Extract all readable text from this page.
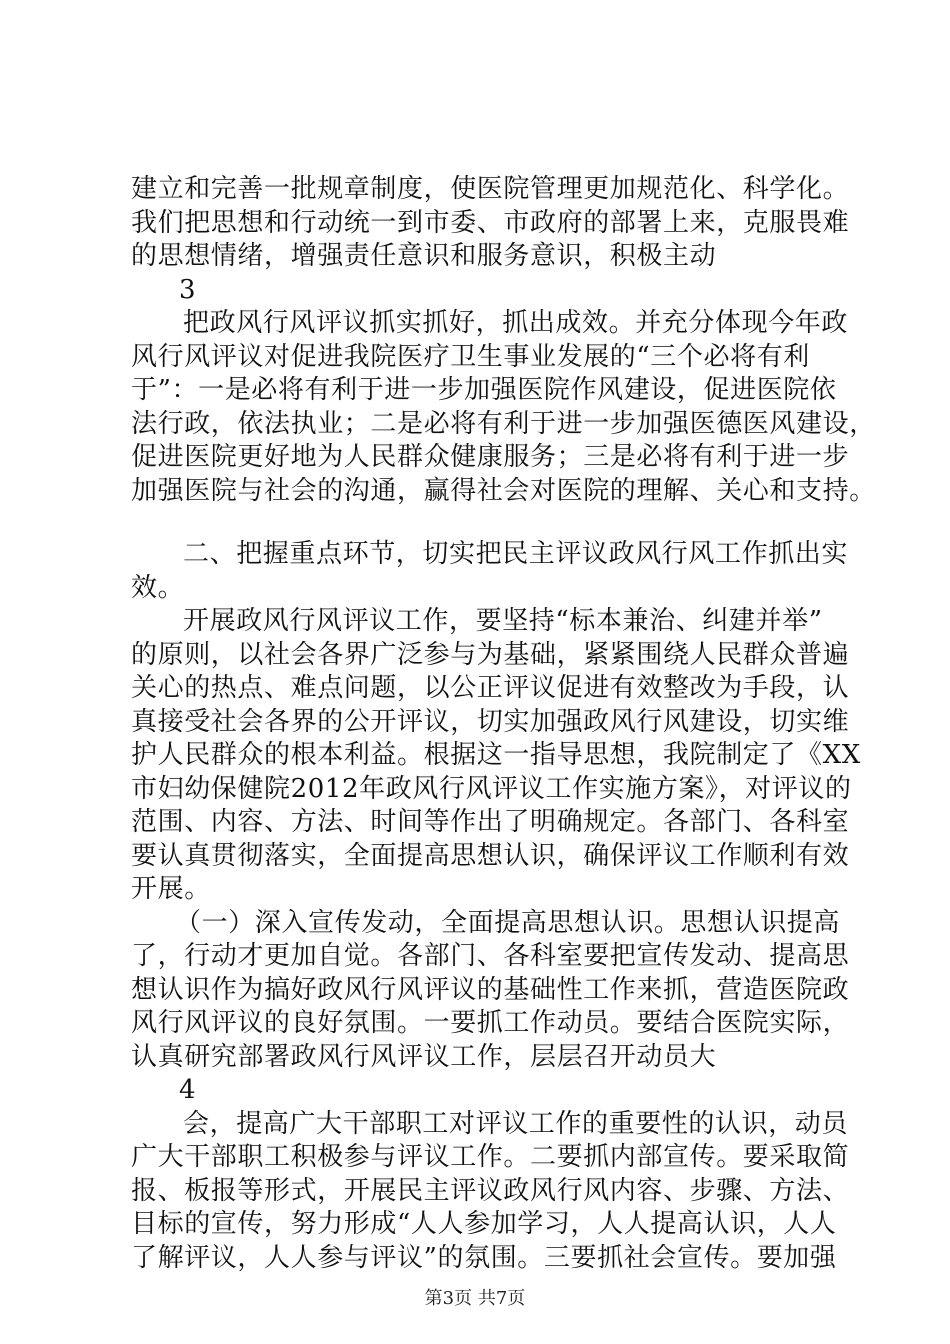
建立和完善一批规章制度，使医院管理更加规范化、科学化。
我们把思想和行动统一到市委、市政府的部署上来，克服畏难
的思想情绪，增强责任意识和服务意识，积极主动
3
把政风行风评议抓实抓好，抓出成效。并充分体现今年政
风行风评议对促进我院医疗卫生事业发展的“三个必将有利
于”：一是必将有利于进一步加强医院作风建设，促进医院依
法行政，依法执业；二是必将有利于进一步加强医德医风建设，
促进医院更好地为人民群众健康服务；三是必将有利于进一步
加强医院与社会的沟通，赢得社会对医院的理解、关心和支持。
二、把握重点环节，切实把民主评议政风行风工作抓出实
效。
开展政风行风评议工作，要坚持“标本兼治、纠建并举”
的原则，以社会各界广泛参与为基础，紧紧围绕人民群众普遍
关心的热点、难点问题，以公正评议促进有效整改为手段，认
真接受社会各界的公开评议，切实加强政风行风建设，切实维
护人民群众的根本利益。根据这一指导思想，我院制定了《XX
市妇幼保健院2012年政风行风评议工作实施方案》，对评议的
范围、内容、方法、时间等作出了明确规定。各部门、各科室
要认真贯彻落实，全面提高思想认识，确保评议工作顺利有效
开展。
（一）深入宣传发动，全面提高思想认识。思想认识提高
了，行动才更加自觉。各部门、各科室要把宣传发动、提高思
想认识作为搞好政风行风评议的基础性工作来抓，营造医院政
风行风评议的良好氛围。一要抓工作动员。要结合医院实际，
认真研究部署政风行风评议工作，层层召开动员大
4
会，提高广大干部职工对评议工作的重要性的认识，动员
广大干部职工积极参与评议工作。二要抓内部宣传。要采取简
报、板报等形式，开展民主评议政风行风内容、步骤、方法、
目标的宣传，努力形成“人人参加学习，人人提高认识，人人
了解评议，人人参与评议”的氛围。三要抓社会宣传。要加强
第3页 共7页
